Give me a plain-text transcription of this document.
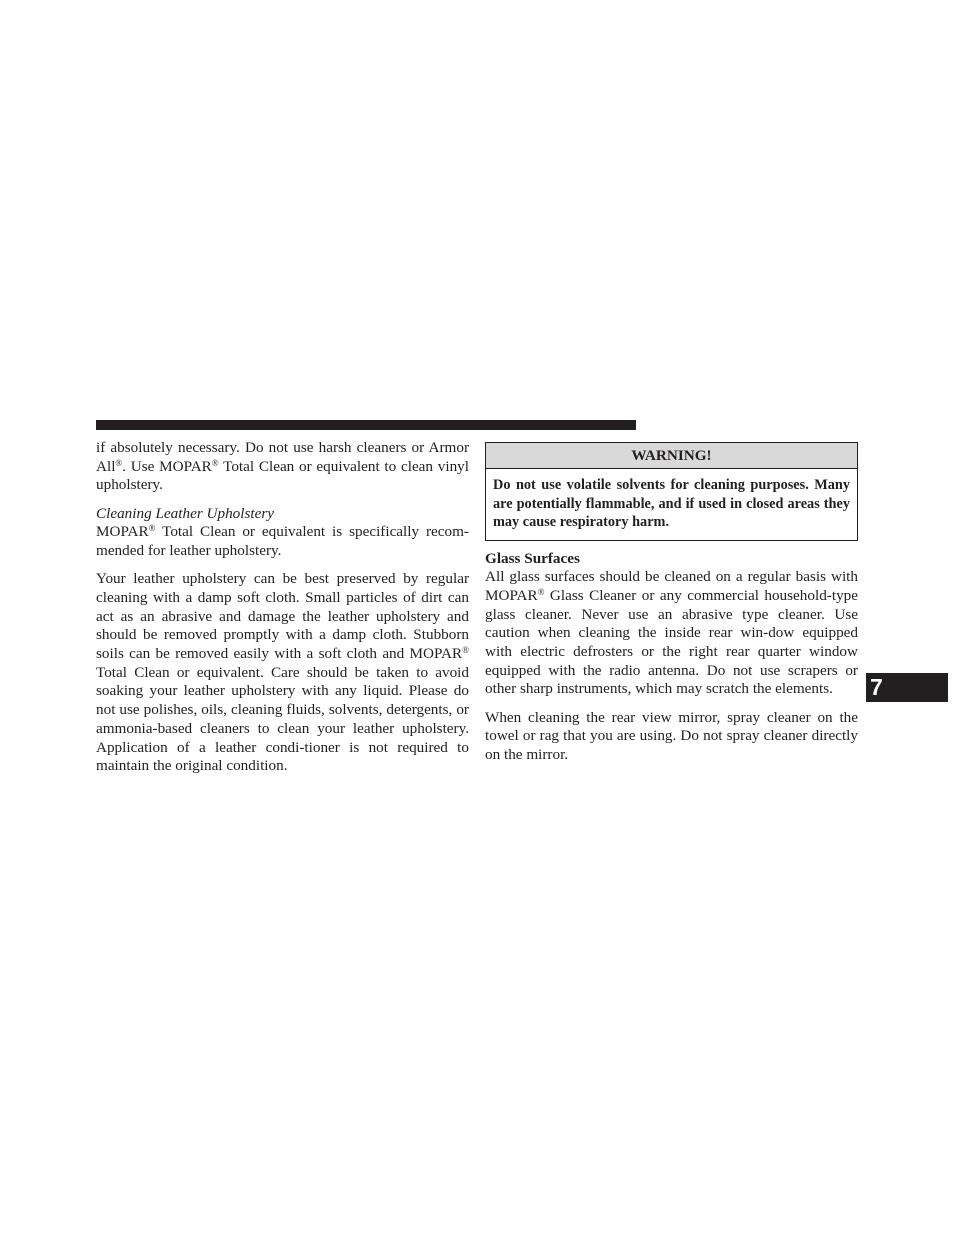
if absolutely necessary. Do not use harsh cleaners or Armor All®. Use MOPAR® Total Clean or equivalent to clean vinyl upholstery.

Cleaning Leather Upholstery
MOPAR® Total Clean or equivalent is specifically recom-mended for leather upholstery.

Your leather upholstery can be best preserved by regular cleaning with a damp soft cloth. Small particles of dirt can act as an abrasive and damage the leather upholstery and should be removed promptly with a damp cloth. Stubborn soils can be removed easily with a soft cloth and MOPAR® Total Clean or equivalent. Care should be taken to avoid soaking your leather upholstery with any liquid. Please do not use polishes, oils, cleaning fluids, solvents, detergents, or ammonia-based cleaners to clean your leather upholstery. Application of a leather condi-tioner is not required to maintain the original condition.

WARNING!
Do not use volatile solvents for cleaning purposes. Many are potentially flammable, and if used in closed areas they may cause respiratory harm.

Glass Surfaces
All glass surfaces should be cleaned on a regular basis with MOPAR® Glass Cleaner or any commercial household-type glass cleaner. Never use an abrasive type cleaner. Use caution when cleaning the inside rear win-dow equipped with electric defrosters or the right rear quarter window equipped with the radio antenna. Do not use scrapers or other sharp instruments, which may scratch the elements.

When cleaning the rear view mirror, spray cleaner on the towel or rag that you are using. Do not spray cleaner directly on the mirror.

7
